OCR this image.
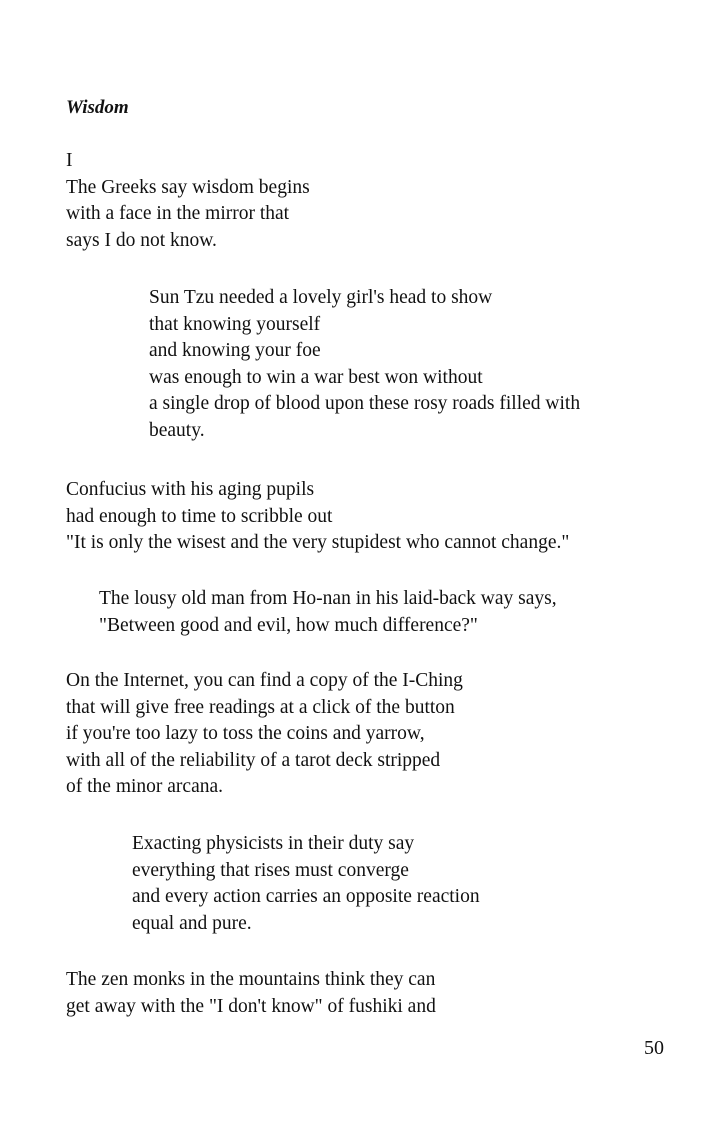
Wisdom
I
The Greeks say wisdom begins
with a face in the mirror that
says I do not know.
Sun Tzu needed a lovely girl's head to show
that knowing yourself
and knowing your foe
was enough to win a war best won without
a single drop of blood upon these rosy roads filled with
beauty.
Confucius with his aging pupils
had enough to time to scribble out
"It is only the wisest and the very stupidest who cannot change."
The lousy old man from Ho-nan in his laid-back way says,
"Between good and evil, how much difference?"
On the Internet, you can find a copy of the I-Ching
that will give free readings at a click of the button
if you're too lazy to toss the coins and yarrow,
with all of the reliability of a tarot deck stripped
of the minor arcana.
Exacting physicists in their duty say
everything that rises must converge
and every action carries an opposite reaction
equal and pure.
The zen monks in the mountains think they can
get away with the "I don't know" of fushiki and
50
